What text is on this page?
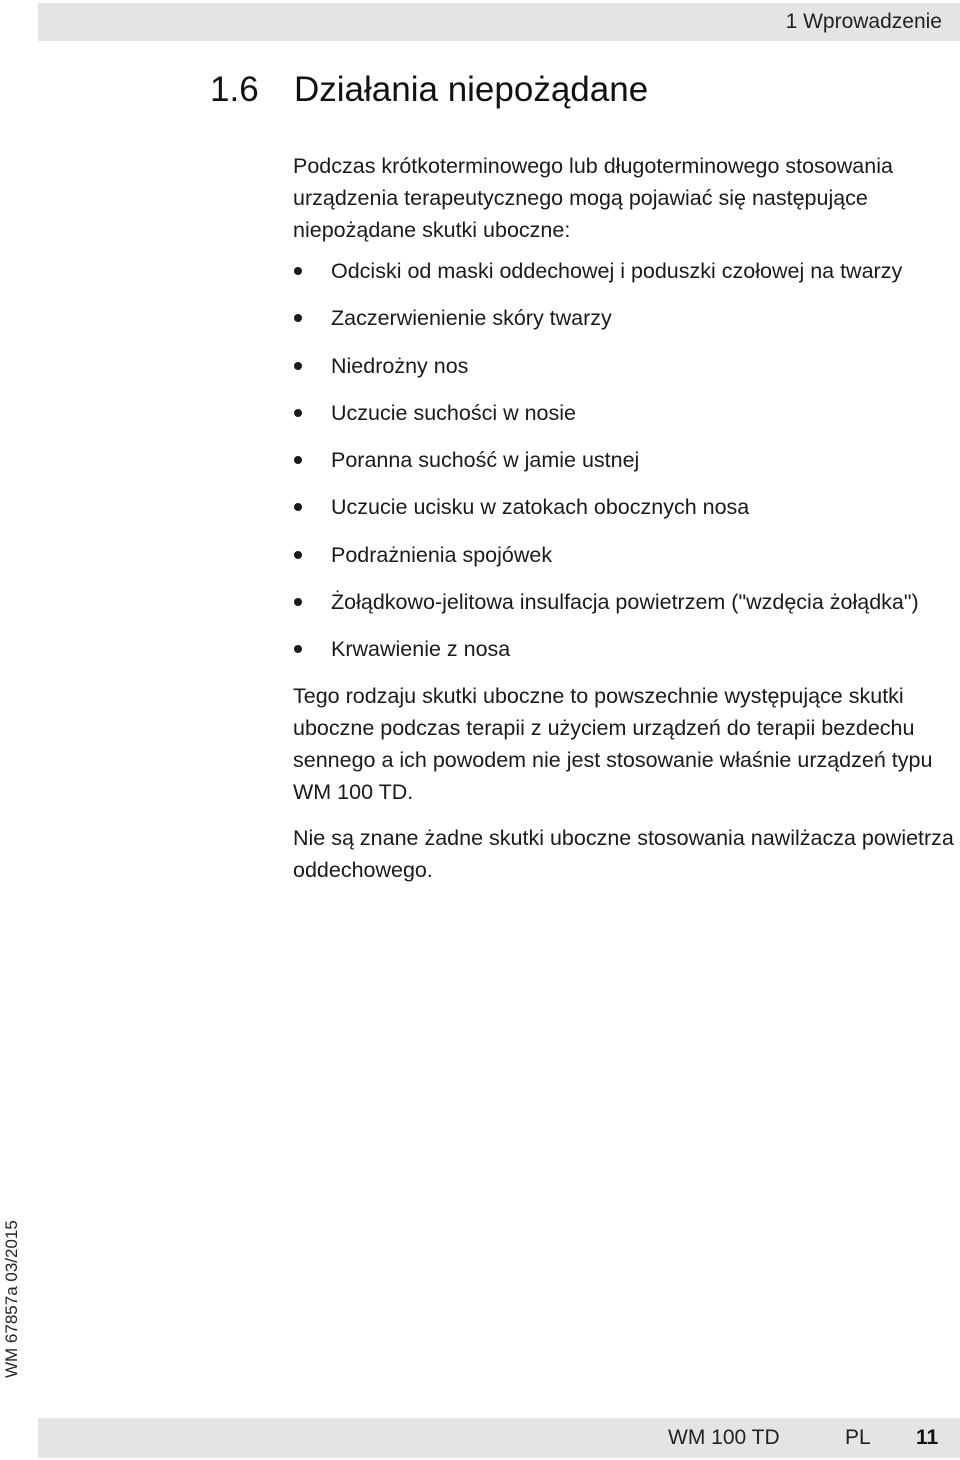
1 Wprowadzenie
1.6 Działania niepożądane

Podczas krótkoterminowego lub długoterminowego stosowania urządzenia terapeutycznego mogą pojawiać się następujące niepożądane skutki uboczne:

Odciski od maski oddechowej i poduszki czołowej na twarzy
Zaczerwienienie skóry twarzy
Niedrożny nos
Uczucie suchości w nosie
Poranna suchość w jamie ustnej
Uczucie ucisku w zatokach obocznych nosa
Podrażnienia spojówek
Żołądkowo-jelitowa insulfacja powietrzem ("wzdęcia żołądka")
Krwawienie z nosa

Tego rodzaju skutki uboczne to powszechnie występujące skutki uboczne podczas terapii z użyciem urządzeń do terapii bezdechu sennego a ich powodem nie jest stosowanie właśnie urządzeń typu WM 100 TD.

Nie są znane żadne skutki uboczne stosowania nawilżacza powietrza oddechowego.

WM 67857a 03/2015
WM 100 TD	PL 11
